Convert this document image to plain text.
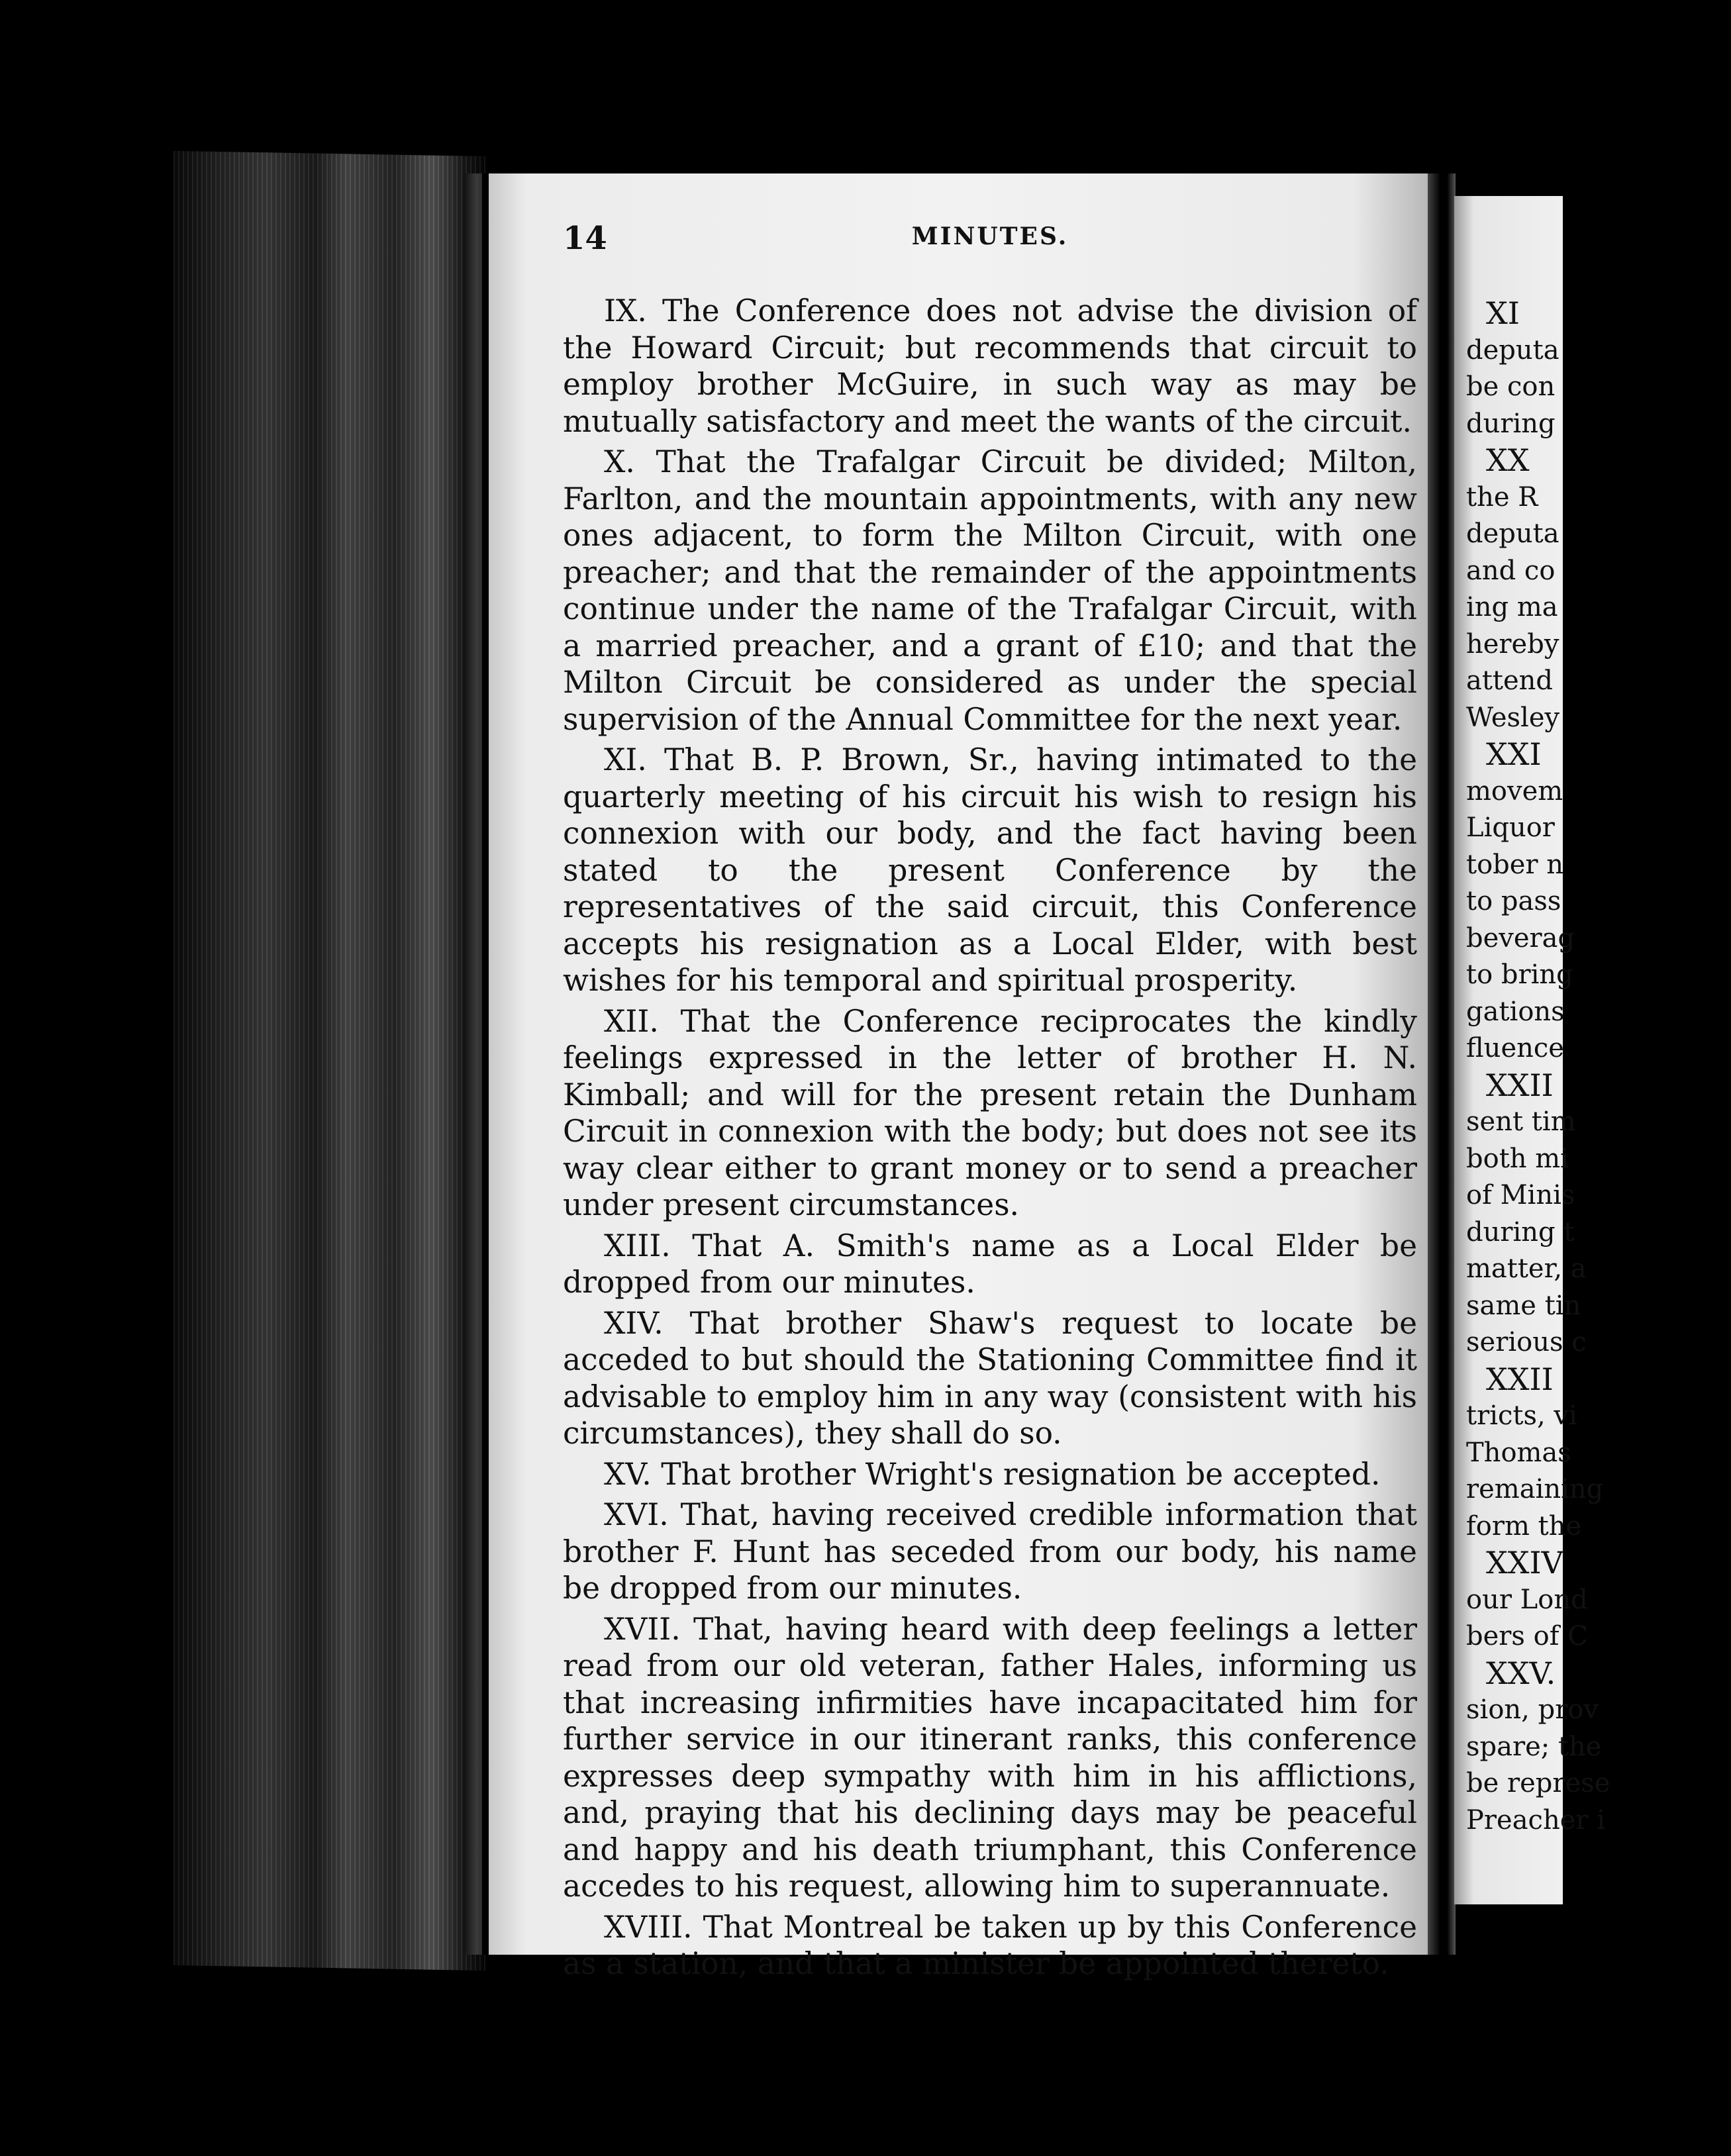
14	MINUTES.

IX. The Conference does not advise the division of the Howard Circuit; but recommends that circuit to employ brother McGuire, in such way as may be mutually satisfactory and meet the wants of the circuit.

X. That the Trafalgar Circuit be divided; Milton, Farlton, and the mountain appointments, with any new ones adjacent, to form the Milton Circuit, with one preacher; and that the remainder of the appointments continue under the name of the Trafalgar Circuit, with a married preacher, and a grant of £10; and that the Milton Circuit be considered as under the special supervision of the Annual Committee for the next year.

XI. That B. P. Brown, Sr., having intimated to the quarterly meeting of his circuit his wish to resign his connexion with our body, and the fact having been stated to the present Conference by the representatives of the said circuit, this Conference accepts his resignation as a Local Elder, with best wishes for his temporal and spiritual prosperity.

XII. That the Conference reciprocates the kindly feelings expressed in the letter of brother H. N. Kimball; and will for the present retain the Dunham Circuit in connexion with the body; but does not see its way clear either to grant money or to send a preacher under present circumstances.

XIII. That A. Smith's name as a Local Elder be dropped from our minutes.

XIV. That brother Shaw's request to locate be acceded to but should the Stationing Committee find it advisable to employ him in any way (consistent with his circumstances), they shall do so.

XV. That brother Wright's resignation be accepted.

XVI. That, having received credible information that brother F. Hunt has seceded from our body, his name be dropped from our minutes.

XVII. That, having heard with deep feelings a letter read from our old veteran, father Hales, informing us that increasing infirmities have incapacitated him for further service in our itinerant ranks, this conference expresses deep sympathy with him in his afflictions, and, praying that his declining days may be peaceful and happy and his death triumphant, this Conference accedes to his request, allowing him to superannuate.

XVIII. That Montreal be taken up by this Conference as a station, and that a minister be appointed thereto.

XI
deputa
be con
during
XX
the R
deputa
and co
ing ma
hereby
attend
Wesley
XXI
movem
Liquor
tober n
to pass
beverag
to bring
gations
fluence
XXII
sent tim
both mi
of Minis
during t
matter, a
same tin
serious c
XXII
tricts, vi
Thomas
remaining
form the
XXIV
our Lond
bers of C
XXV.
sion, prov
spare; the
be represe
Preacher i
